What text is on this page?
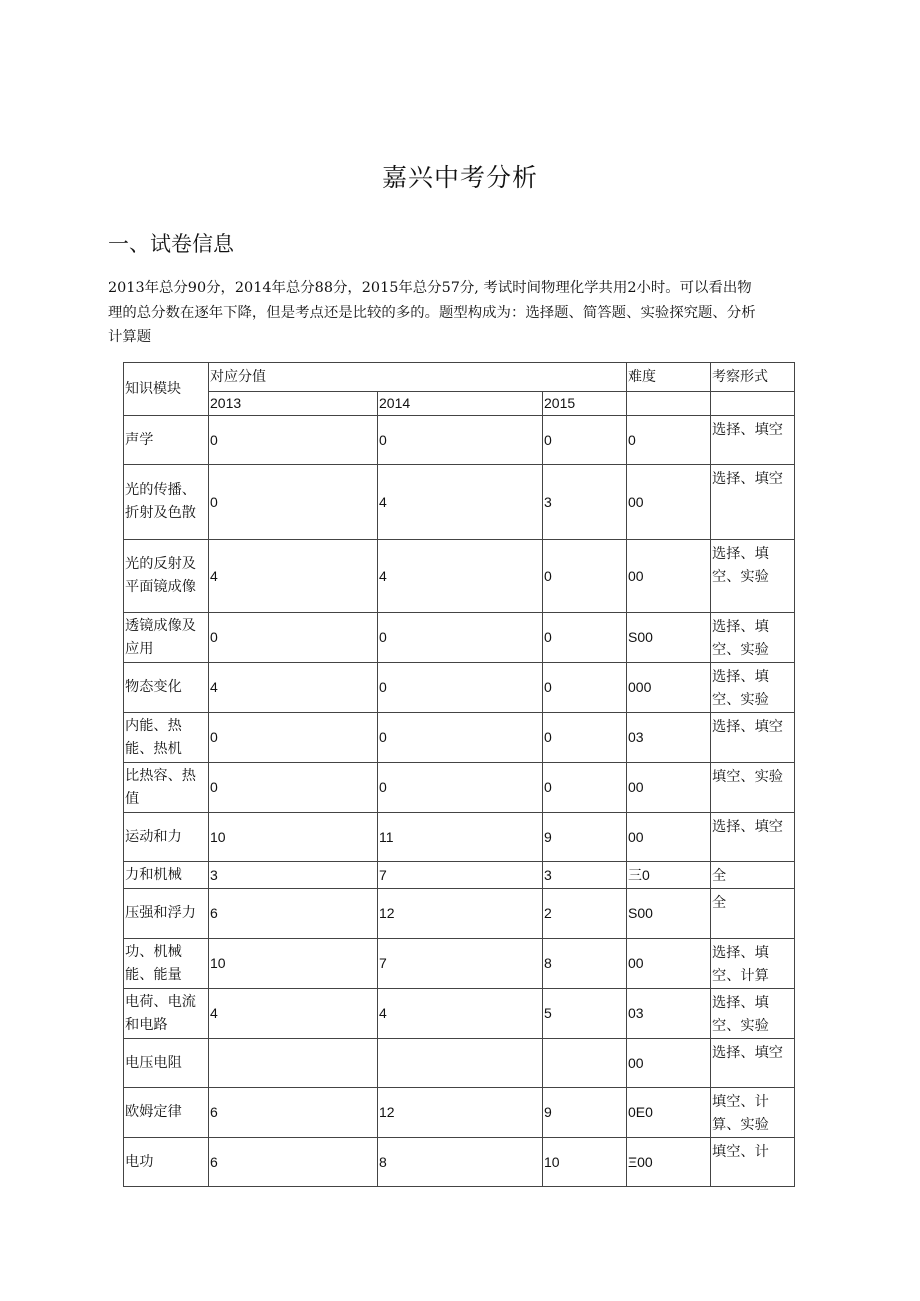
嘉兴中考分析
一、试卷信息

2013年总分90分，2014年总分88分，2015年总分57分, 考试时间物理化学共用2小时。可以看出物

理的总分数在逐年下降，但是考点还是比较的多的。题型构成为：选择题、简答题、实验探究题、分析

计算题

知识模块	对应分值			难度	考察形式
	2013	2014	2015		
声学	0	0	0	0	选择、填空
光的传播、折射及色散	0	4	3	00	选择、填空
光的反射及平面镜成像	4	4	0	00	选择、填空、实验
透镜成像及应用	0	0	0	S00	选择、填空、实验
物态变化	4	0	0	000	选择、填空、实验
内能、热能、热机	0	0	0	03	选择、填空
比热容、热值	0	0	0	00	填空、实验
运动和力	10	11	9	00	选择、填空
力和机械	3	7	3	三0	全
压强和浮力	6	12	2	S00	全
功、机械能、能量	10	7	8	00	选择、填空、计算
电荷、电流和电路	4	4	5	03	选择、填空、实验
电压电阻				00	选择、填空
欧姆定律	6	12	9	0E0	填空、计算、实验
电功	6	8	10	Ξ00	填空、计
